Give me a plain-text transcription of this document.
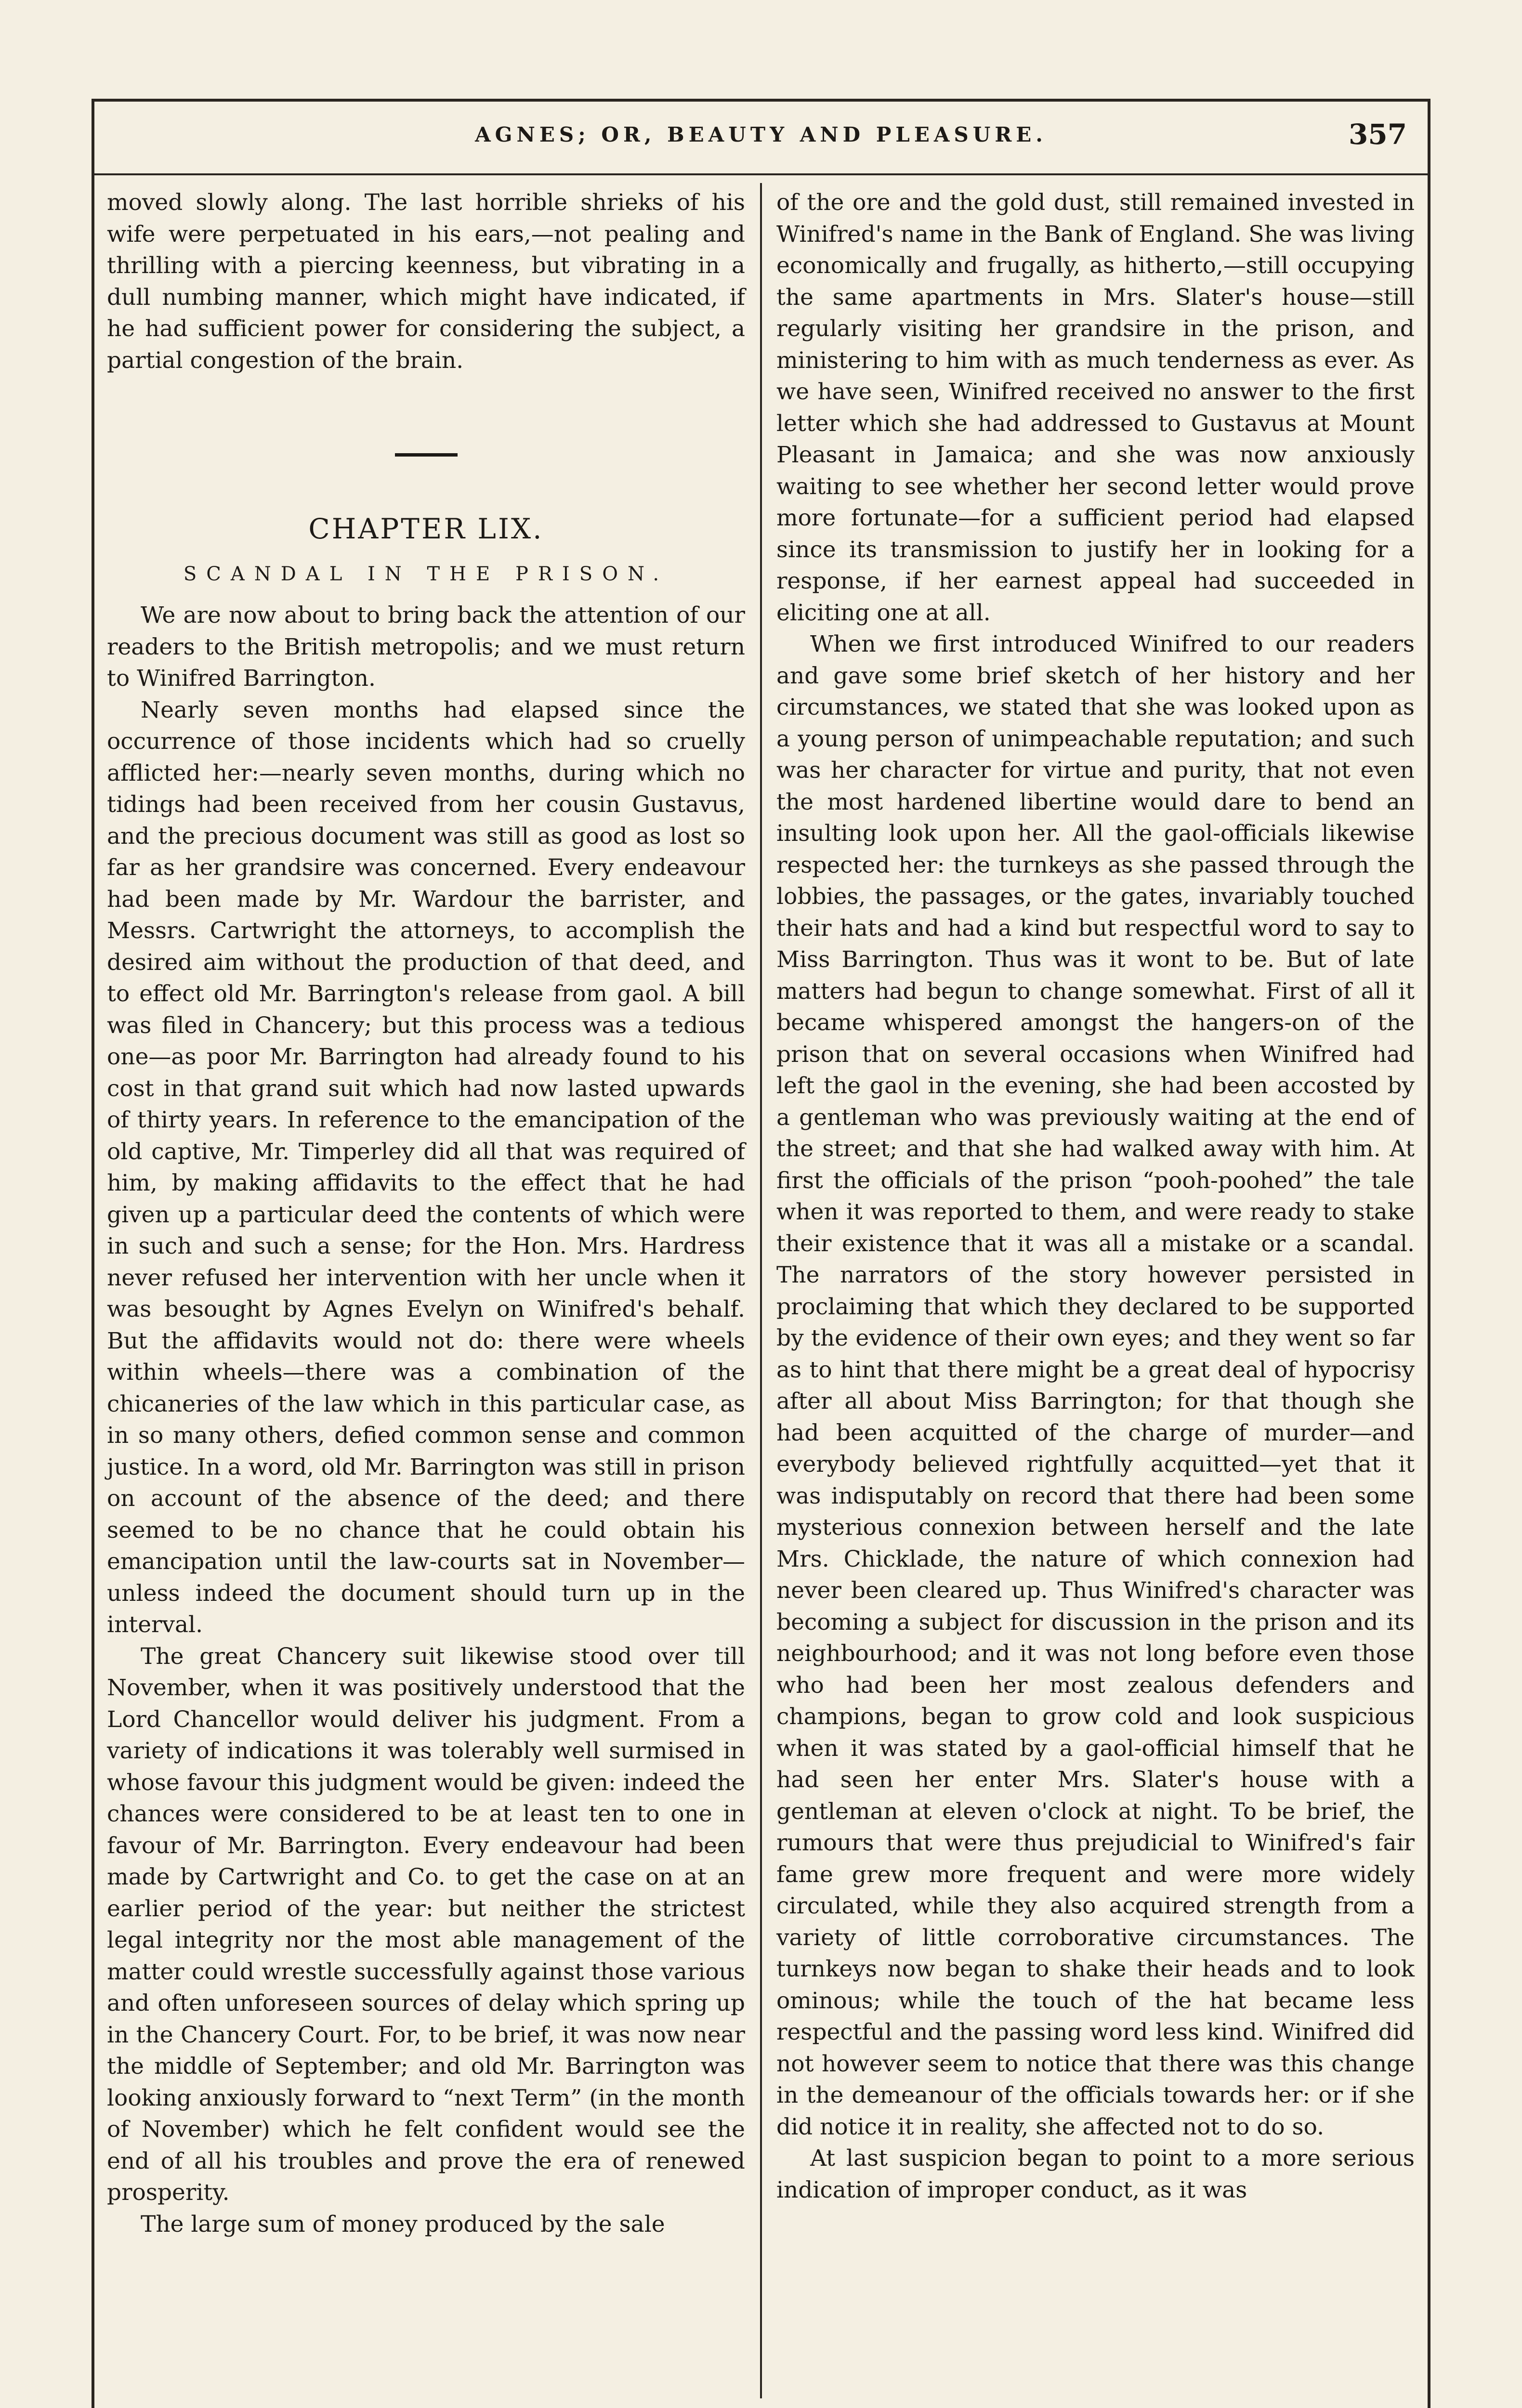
AGNES; OR, BEAUTY AND PLEASURE.	357

moved slowly along. The last horrible shrieks of his wife were perpetuated in his ears,—not pealing and thrilling with a piercing keenness, but vibrating in a dull numbing manner, which might have indicated, if he had sufficient power for considering the subject, a partial congestion of the brain.

CHAPTER LIX.
SCANDAL IN THE PRISON.

We are now about to bring back the attention of our readers to the British metropolis; and we must return to Winifred Barrington.

Nearly seven months had elapsed since the occurrence of those incidents which had so cruelly afflicted her:—nearly seven months, during which no tidings had been received from her cousin Gustavus, and the precious document was still as good as lost so far as her grandsire was concerned. Every endeavour had been made by Mr. Wardour the barrister, and Messrs. Cartwright the attorneys, to accomplish the desired aim without the production of that deed, and to effect old Mr. Barrington's release from gaol. A bill was filed in Chancery; but this process was a tedious one—as poor Mr. Barrington had already found to his cost in that grand suit which had now lasted upwards of thirty years. In reference to the emancipation of the old captive, Mr. Timperley did all that was required of him, by making affidavits to the effect that he had given up a particular deed the contents of which were in such and such a sense; for the Hon. Mrs. Hardress never refused her intervention with her uncle when it was besought by Agnes Evelyn on Winifred's behalf. But the affidavits would not do: there were wheels within wheels—there was a combination of the chicaneries of the law which in this particular case, as in so many others, defied common sense and common justice. In a word, old Mr. Barrington was still in prison on account of the absence of the deed; and there seemed to be no chance that he could obtain his emancipation until the law-courts sat in November—unless indeed the document should turn up in the interval.

The great Chancery suit likewise stood over till November, when it was positively understood that the Lord Chancellor would deliver his judgment. From a variety of indications it was tolerably well surmised in whose favour this judgment would be given: indeed the chances were considered to be at least ten to one in favour of Mr. Barrington. Every endeavour had been made by Cartwright and Co. to get the case on at an earlier period of the year: but neither the strictest legal integrity nor the most able management of the matter could wrestle successfully against those various and often unforeseen sources of delay which spring up in the Chancery Court. For, to be brief, it was now near the middle of September; and old Mr. Barrington was looking anxiously forward to “next Term” (in the month of November) which he felt confident would see the end of all his troubles and prove the era of renewed prosperity.

The large sum of money produced by the sale

of the ore and the gold dust, still remained invested in Winifred's name in the Bank of England. She was living economically and frugally, as hitherto,—still occupying the same apartments in Mrs. Slater's house—still regularly visiting her grandsire in the prison, and ministering to him with as much tenderness as ever. As we have seen, Winifred received no answer to the first letter which she had addressed to Gustavus at Mount Pleasant in Jamaica; and she was now anxiously waiting to see whether her second letter would prove more fortunate—for a sufficient period had elapsed since its transmission to justify her in looking for a response, if her earnest appeal had succeeded in eliciting one at all.

When we first introduced Winifred to our readers and gave some brief sketch of her history and her circumstances, we stated that she was looked upon as a young person of unimpeachable reputation; and such was her character for virtue and purity, that not even the most hardened libertine would dare to bend an insulting look upon her. All the gaol-officials likewise respected her: the turnkeys as she passed through the lobbies, the passages, or the gates, invariably touched their hats and had a kind but respectful word to say to Miss Barrington. Thus was it wont to be. But of late matters had begun to change somewhat. First of all it became whispered amongst the hangers-on of the prison that on several occasions when Winifred had left the gaol in the evening, she had been accosted by a gentleman who was previously waiting at the end of the street; and that she had walked away with him. At first the officials of the prison “pooh-poohed” the tale when it was reported to them, and were ready to stake their existence that it was all a mistake or a scandal. The narrators of the story however persisted in proclaiming that which they declared to be supported by the evidence of their own eyes; and they went so far as to hint that there might be a great deal of hypocrisy after all about Miss Barrington; for that though she had been acquitted of the charge of murder—and everybody believed rightfully acquitted—yet that it was indisputably on record that there had been some mysterious connexion between herself and the late Mrs. Chicklade, the nature of which connexion had never been cleared up. Thus Winifred's character was becoming a subject for discussion in the prison and its neighbourhood; and it was not long before even those who had been her most zealous defenders and champions, began to grow cold and look suspicious when it was stated by a gaol-official himself that he had seen her enter Mrs. Slater's house with a gentleman at eleven o'clock at night. To be brief, the rumours that were thus prejudicial to Winifred's fair fame grew more frequent and were more widely circulated, while they also acquired strength from a variety of little corroborative circumstances. The turnkeys now began to shake their heads and to look ominous; while the touch of the hat became less respectful and the passing word less kind. Winifred did not however seem to notice that there was this change in the demeanour of the officials towards her: or if she did notice it in reality, she affected not to do so.

At last suspicion began to point to a more serious indication of improper conduct, as it was
